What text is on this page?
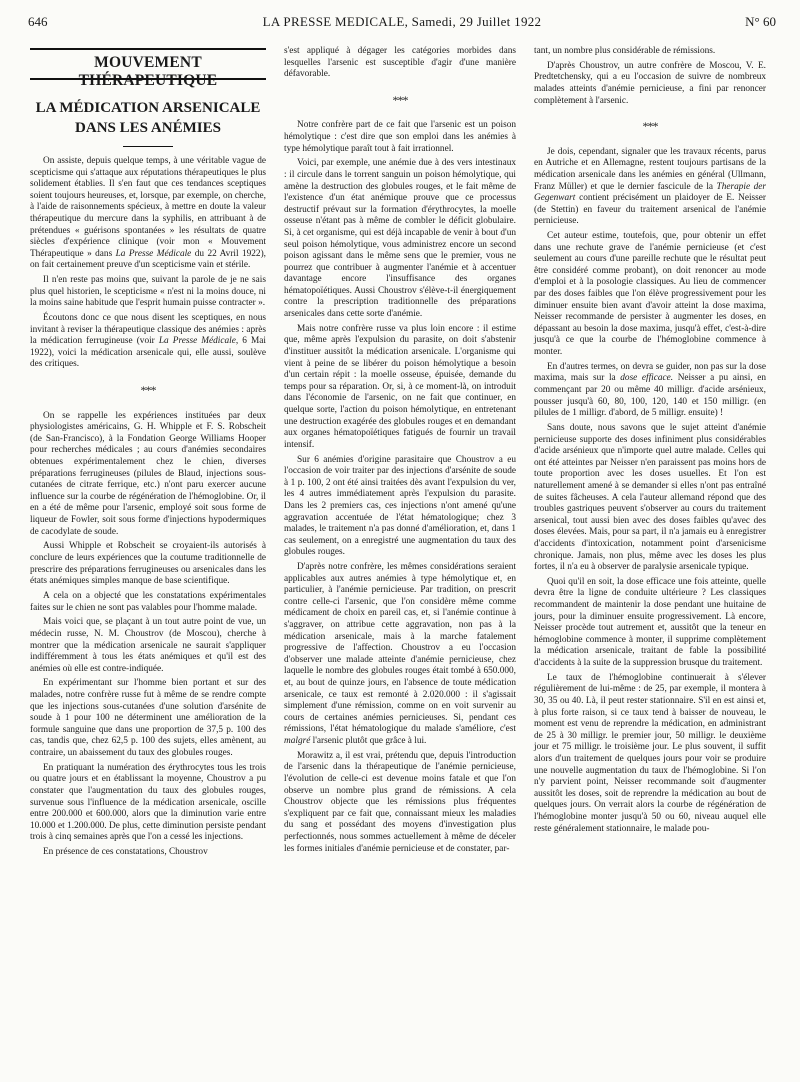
646	LA PRESSE MEDICALE, Samedi, 29 Juillet 1922	N° 60
MOUVEMENT THÉRAPEUTIQUE
LA MÉDICATION ARSENICALE
DANS LES ANÉMIES

On assiste, depuis quelque temps, à une véritable vague de scepticisme qui s'attaque aux réputations thérapeutiques le plus solidement établies. Il s'en faut que ces tendances sceptiques soient toujours heureuses, et, lorsque, par exemple, on cherche, à l'aide de raisonnements spécieux, à mettre en doute la valeur thérapeutique du mercure dans la syphilis, en attribuant à de prétendues « guérisons spontanées » les résultats de quatre siècles d'expérience clinique (voir mon « Mouvement Thérapeutique » dans La Presse Médicale du 22 Avril 1922), on fait certainement preuve d'un scepticisme vain et stérile.

Il n'en reste pas moins que, suivant la parole de je ne sais plus quel historien, le scepticisme « n'est ni la moins douce, ni la moins saine habitude que l'esprit humain puisse contracter ».

Écoutons donc ce que nous disent les sceptiques, en nous invitant à reviser la thérapeutique classique des anémies : après la médication ferrugineuse (voir La Presse Médicale, 6 Mai 1922), voici la médication arsenicale qui, elle aussi, soulève des critiques.

***

On se rappelle les expériences instituées par deux physiologistes américains, G. H. Whipple et F. S. Robscheit (de San-Francisco), à la Fondation George Williams Hooper pour recherches médicales ; au cours d'anémies secondaires obtenues expérimentalement chez le chien, diverses préparations ferrugineuses (pilules de Blaud, injections sous-cutanées de citrate ferrique, etc.) n'ont paru exercer aucune influence sur la courbe de régénération de l'hémoglobine. Or, il en a été de même pour l'arsenic, employé soit sous forme de liqueur de Fowler, soit sous forme d'injections hypodermiques de cacodylate de soude.

Aussi Whipple et Robscheit se croyaient-ils autorisés à conclure de leurs expériences que la coutume traditionnelle de prescrire des préparations ferrugineuses ou arsenicales dans les états anémiques simples manque de base scientifique.

A cela on a objecté que les constatations expérimentales faites sur le chien ne sont pas valables pour l'homme malade.

Mais voici que, se plaçant à un tout autre point de vue, un médecin russe, N. M. Choustrov (de Moscou), cherche à montrer que la médication arsenicale ne saurait s'appliquer indifféremment à tous les états anémiques et qu'il est des anémies où elle est contre-indiquée.

En expérimentant sur l'homme bien portant et sur des malades, notre confrère russe fut à même de se rendre compte que les injections sous-cutanées d'une solution d'arsénite de soude à 1 pour 100 ne déterminent une amélioration de la formule sanguine que dans une proportion de 37,5 p. 100 des cas, tandis que, chez 62,5 p. 100 des sujets, elles amènent, au contraire, un abaissement du taux des globules rouges.

En pratiquant la numération des érythrocytes tous les trois ou quatre jours et en établissant la moyenne, Choustrov a pu constater que l'augmentation du taux des globules rouges, survenue sous l'influence de la médication arsenicale, oscille entre 200.000 et 600.000, alors que la diminution varie entre 10.000 et 1.200.000. De plus, cette diminution persiste pendant trois à cinq semaines après que l'on a cessé les injections.

En présence de ces constatations, Choustrov

s'est appliqué à dégager les catégories morbides dans lesquelles l'arsenic est susceptible d'agir d'une manière défavorable.

***

Notre confrère part de ce fait que l'arsenic est un poison hémolytique : c'est dire que son emploi dans les anémies à type hémolytique paraît tout à fait irrationnel.

Voici, par exemple, une anémie due à des vers intestinaux : il circule dans le torrent sanguin un poison hémolytique, qui amène la destruction des globules rouges, et le fait même de l'existence d'un état anémique prouve que ce processus destructif prévaut sur la formation d'érythrocytes, la moelle osseuse n'étant pas à même de combler le déficit globulaire. Si, à cet organisme, qui est déjà incapable de venir à bout d'un seul poison hémolytique, vous administrez encore un second poison agissant dans le même sens que le premier, vous ne pourrez que contribuer à augmenter l'anémie et à accentuer davantage encore l'insuffisance des organes hématopoïétiques. Aussi Choustrov s'élève-t-il énergiquement contre la prescription traditionnelle des préparations arsenicales dans cette sorte d'anémie.

Mais notre confrère russe va plus loin encore : il estime que, même après l'expulsion du parasite, on doit s'abstenir d'instituer aussitôt la médication arsenicale. L'organisme qui vient à peine de se libérer du poison hémolytique a besoin d'un certain répit : la moelle osseuse, épuisée, demande du temps pour sa réparation. Or, si, à ce moment-là, on introduit dans l'économie de l'arsenic, on ne fait que continuer, en quelque sorte, l'action du poison hémolytique, en entretenant une destruction exagérée des globules rouges et en demandant aux organes hématopoïétiques fatigués de fournir un travail intensif.

Sur 6 anémies d'origine parasitaire que Choustrov a eu l'occasion de voir traiter par des injections d'arsénite de soude à 1 p. 100, 2 ont été ainsi traitées dès avant l'expulsion du ver, les 4 autres immédiatement après l'expulsion du parasite. Dans les 2 premiers cas, ces injections n'ont amené qu'une aggravation accentuée de l'état hématologique; chez 3 malades, le traitement n'a pas donné d'amélioration, et, dans 1 cas seulement, on a enregistré une augmentation du taux des globules rouges.

D'après notre confrère, les mêmes considérations seraient applicables aux autres anémies à type hémolytique et, en particulier, à l'anémie pernicieuse. Par tradition, on prescrit contre celle-ci l'arsenic, que l'on considère même comme médicament de choix en pareil cas, et, si l'anémie continue à s'aggraver, on attribue cette aggravation, non pas à la médication arsenicale, mais à la marche fatalement progressive de l'affection. Choustrov a eu l'occasion d'observer une malade atteinte d'anémie pernicieuse, chez laquelle le nombre des globules rouges était tombé à 650.000, et, au bout de quinze jours, en l'absence de toute médication arsenicale, ce taux est remonté à 2.020.000 : il s'agissait simplement d'une rémission, comme on en voit survenir au cours de certaines anémies pernicieuses. Si, pendant ces rémissions, l'état hématologique du malade s'améliore, c'est malgré l'arsenic plutôt que grâce à lui.

Morawitz a, il est vrai, prétendu que, depuis l'introduction de l'arsenic dans la thérapeutique de l'anémie pernicieuse, l'évolution de celle-ci est devenue moins fatale et que l'on observe un nombre plus grand de rémissions. A cela Choustrov objecte que les rémissions plus fréquentes s'expliquent par ce fait que, connaissant mieux les maladies du sang et possédant des moyens d'investigation plus perfectionnés, nous sommes actuellement à même de déceler les formes initiales d'anémie pernicieuse et de constater, par-

tant, un nombre plus considérable de rémissions.

D'après Choustrov, un autre confrère de Moscou, V. E. Predtetchensky, qui a eu l'occasion de suivre de nombreux malades atteints d'anémie pernicieuse, a fini par renoncer complètement à l'arsenic.

***

Je dois, cependant, signaler que les travaux récents, parus en Autriche et en Allemagne, restent toujours partisans de la médication arsenicale dans les anémies en général (Ullmann, Franz Müller) et que le dernier fascicule de la Therapie der Gegenwart contient précisément un plaidoyer de E. Neisser (de Stettin) en faveur du traitement arsenical de l'anémie pernicieuse.

Cet auteur estime, toutefois, que, pour obtenir un effet dans une rechute grave de l'anémie pernicieuse (et c'est seulement au cours d'une pareille rechute que le résultat peut être considéré comme probant), on doit renoncer au mode d'emploi et à la posologie classiques. Au lieu de commencer par des doses faibles que l'on élève progressivement pour les diminuer ensuite bien avant d'avoir atteint la dose maxima, Neisser recommande de persister à augmenter les doses, en dépassant au besoin la dose maxima, jusqu'à effet, c'est-à-dire jusqu'à ce que la courbe de l'hémoglobine commence à monter.

En d'autres termes, on devra se guider, non pas sur la dose maxima, mais sur la dose efficace. Neisser a pu ainsi, en commençant par 20 ou même 40 milligr. d'acide arsénieux, pousser jusqu'à 60, 80, 100, 120, 140 et 150 milligr. (en pilules de 1 milligr. d'abord, de 5 milligr. ensuite) !

Sans doute, nous savons que le sujet atteint d'anémie pernicieuse supporte des doses infiniment plus considérables d'acide arsénieux que n'importe quel autre malade. Celles qui ont été atteintes par Neisser n'en paraissent pas moins hors de toute proportion avec les doses usuelles. Et l'on est naturellement amené à se demander si elles n'ont pas entraîné de suites fâcheuses. A cela l'auteur allemand répond que des troubles gastriques peuvent s'observer au cours du traitement arsenical, tout aussi bien avec des doses faibles qu'avec des doses élevées. Mais, pour sa part, il n'a jamais eu à enregistrer d'accidents d'intoxication, notamment point d'arsenicisme chronique. Jamais, non plus, même avec les doses les plus fortes, il n'a eu à observer de paralysie arsenicale typique.

Quoi qu'il en soit, la dose efficace une fois atteinte, quelle devra être la ligne de conduite ultérieure ? Les classiques recommandent de maintenir la dose pendant une huitaine de jours, pour la diminuer ensuite progressivement. Là encore, Neisser procède tout autrement et, aussitôt que la teneur en hémoglobine commence à monter, il supprime complètement la médication arsenicale, traitant de fable la possibilité d'accidents à la suite de la suppression brusque du traitement.

Le taux de l'hémoglobine continuerait à s'élever régulièrement de lui-même : de 25, par exemple, il montera à 30, 35 ou 40. Là, il peut rester stationnaire. S'il en est ainsi et, à plus forte raison, si ce taux tend à baisser de nouveau, le moment est venu de reprendre la médication, en administrant de 25 à 30 milligr. le premier jour, 50 milligr. le deuxième jour et 75 milligr. le troisième jour. Le plus souvent, il suffit alors d'un traitement de quelques jours pour voir se produire une nouvelle augmentation du taux de l'hémoglobine. Si l'on n'y parvient point, Neisser recommande soit d'augmenter aussitôt les doses, soit de reprendre la médication au bout de quelques jours. On verrait alors la courbe de régénération de l'hémoglobine monter jusqu'à 50 ou 60, niveau auquel elle reste généralement stationnaire, le malade pou-
